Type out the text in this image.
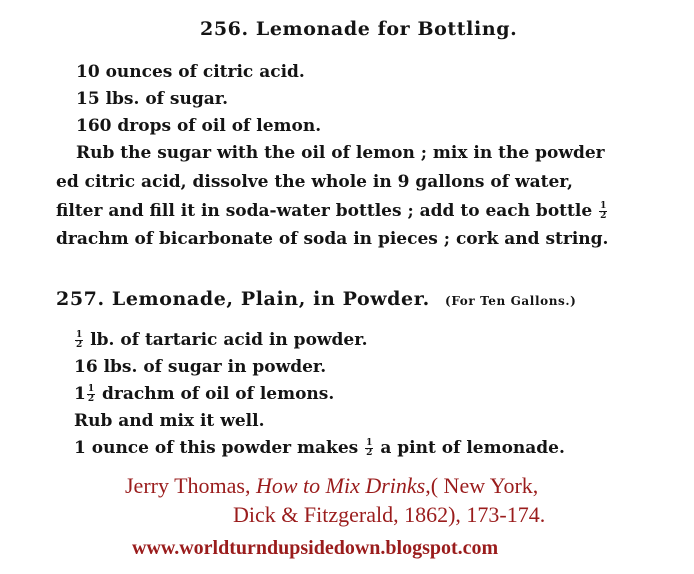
256. Lemonade for Bottling.
10 ounces of citric acid.
15 lbs. of sugar.
160 drops of oil of lemon.
Rub the sugar with the oil of lemon ; mix in the powder
ed citric acid, dissolve the whole in 9 gallons of water,
filter and fill it in soda-water bottles ; add to each bottle $\frac{1}{2}$
drachm of bicarbonate of soda in pieces ; cork and string.
257. Lemonade, Plain, in Powder. (For Ten Gallons.)
$\frac{1}{2}$ lb. of tartaric acid in powder.
16 lbs. of sugar in powder.
$1 \frac{1}{2}$ drachm of oil of lemons.
Rub and mix it well.
1 ounce of this powder makes $\frac{1}{2}$ a pint of lemonade.
Jerry Thomas, How to Mix Drinks,( New York,
Dick & Fitzgerald, 1862), 173-174.
www.worldturndupsidedown.blogspot.com
